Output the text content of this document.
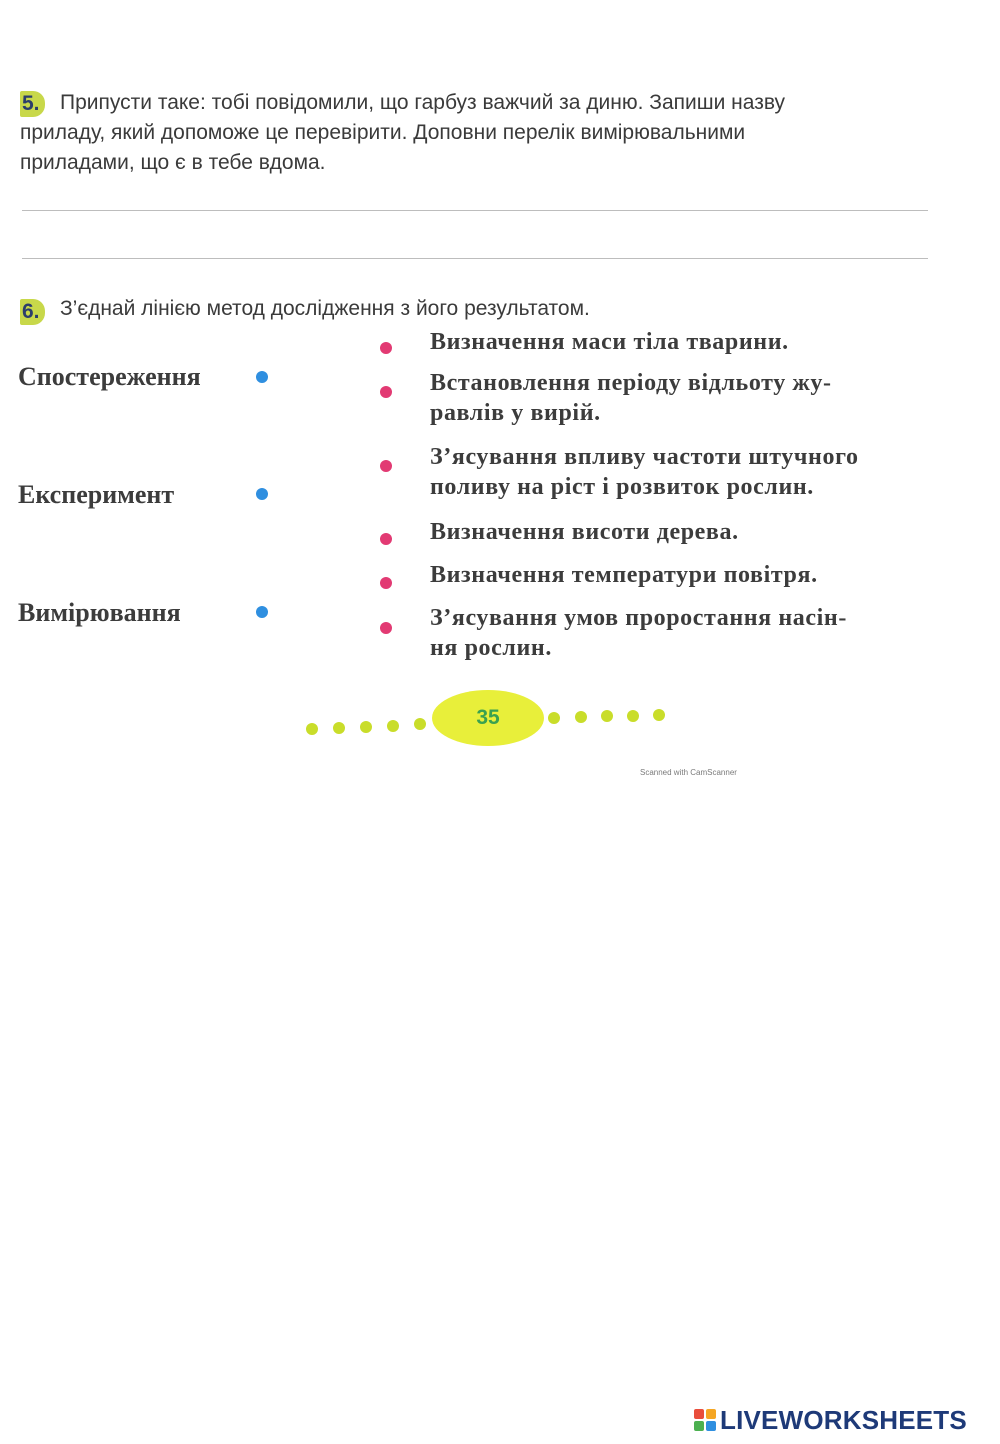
5. Припусти таке: тобі повідомили, що гарбуз важчий за диню. Запиши назву

приладу, який допоможе це перевірити. Доповни перелік вимірювальними

приладами, що є в тебе вдома.

6. З’єднай лінією метод дослідження з його результатом.

Спостереження
Експеримент
Вимірювання
Визначення маси тіла тварини.
Встановлення періоду відльоту жу-
равлів у вирій.
З’ясування впливу частоти штучного
поливу на ріст і розвиток рослин.
Визначення висоти дерева.
Визначення температури повітря.
З’ясування умов проростання насін-
ня рослин.
35
Scanned with CamScanner
LIVEWORKSHEETS
